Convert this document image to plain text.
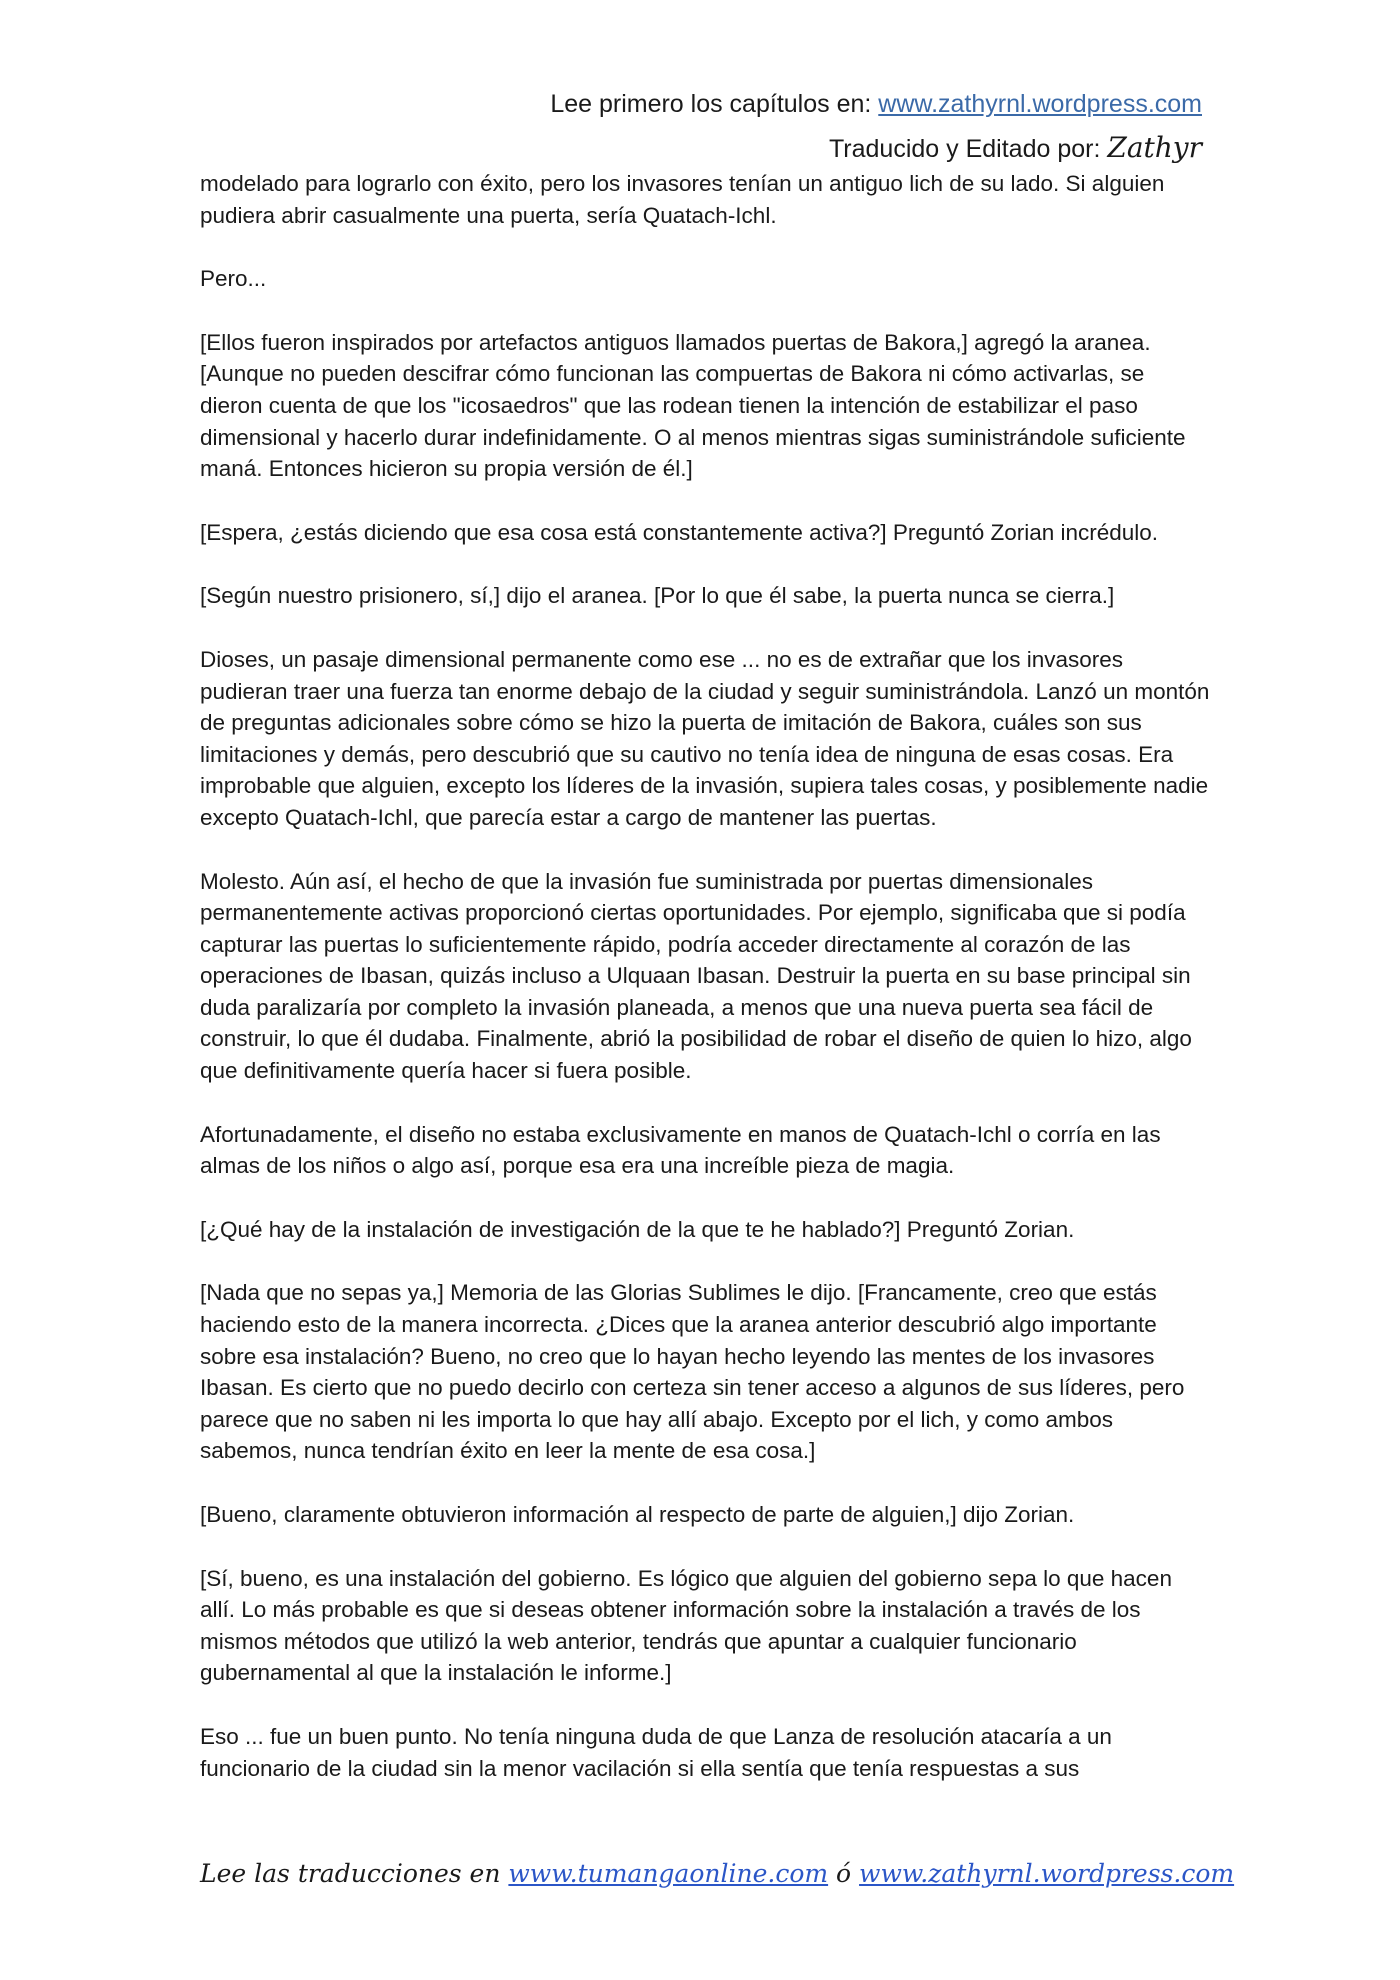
Lee primero los capítulos en: www.zathyrnl.wordpress.com
Traducido y Editado por: Zathyr

modelado para lograrlo con éxito, pero los invasores tenían un antiguo lich de su lado. Si alguien pudiera abrir casualmente una puerta, sería Quatach-Ichl.

Pero...

[Ellos fueron inspirados por artefactos antiguos llamados puertas de Bakora,] agregó la aranea. [Aunque no pueden descifrar cómo funcionan las compuertas de Bakora ni cómo activarlas, se dieron cuenta de que los "icosaedros" que las rodean tienen la intención de estabilizar el paso dimensional y hacerlo durar indefinidamente. O al menos mientras sigas suministrándole suficiente maná. Entonces hicieron su propia versión de él.]

[Espera, ¿estás diciendo que esa cosa está constantemente activa?] Preguntó Zorian incrédulo.

[Según nuestro prisionero, sí,] dijo el aranea. [Por lo que él sabe, la puerta nunca se cierra.]

Dioses, un pasaje dimensional permanente como ese ... no es de extrañar que los invasores pudieran traer una fuerza tan enorme debajo de la ciudad y seguir suministrándola. Lanzó un montón de preguntas adicionales sobre cómo se hizo la puerta de imitación de Bakora, cuáles son sus limitaciones y demás, pero descubrió que su cautivo no tenía idea de ninguna de esas cosas. Era improbable que alguien, excepto los líderes de la invasión, supiera tales cosas, y posiblemente nadie excepto Quatach-Ichl, que parecía estar a cargo de mantener las puertas.

Molesto. Aún así, el hecho de que la invasión fue suministrada por puertas dimensionales permanentemente activas proporcionó ciertas oportunidades. Por ejemplo, significaba que si podía capturar las puertas lo suficientemente rápido, podría acceder directamente al corazón de las operaciones de Ibasan, quizás incluso a Ulquaan Ibasan. Destruir la puerta en su base principal sin duda paralizaría por completo la invasión planeada, a menos que una nueva puerta sea fácil de construir, lo que él dudaba. Finalmente, abrió la posibilidad de robar el diseño de quien lo hizo, algo que definitivamente quería hacer si fuera posible.

Afortunadamente, el diseño no estaba exclusivamente en manos de Quatach-Ichl o corría en las almas de los niños o algo así, porque esa era una increíble pieza de magia.

[¿Qué hay de la instalación de investigación de la que te he hablado?] Preguntó Zorian.

[Nada que no sepas ya,] Memoria de las Glorias Sublimes le dijo. [Francamente, creo que estás haciendo esto de la manera incorrecta. ¿Dices que la aranea anterior descubrió algo importante sobre esa instalación? Bueno, no creo que lo hayan hecho leyendo las mentes de los invasores Ibasan. Es cierto que no puedo decirlo con certeza sin tener acceso a algunos de sus líderes, pero parece que no saben ni les importa lo que hay allí abajo. Excepto por el lich, y como ambos sabemos, nunca tendrían éxito en leer la mente de esa cosa.]

[Bueno, claramente obtuvieron información al respecto de parte de alguien,] dijo Zorian.

[Sí, bueno, es una instalación del gobierno. Es lógico que alguien del gobierno sepa lo que hacen allí. Lo más probable es que si deseas obtener información sobre la instalación a través de los mismos métodos que utilizó la web anterior, tendrás que apuntar a cualquier funcionario gubernamental al que la instalación le informe.]

Eso ... fue un buen punto. No tenía ninguna duda de que Lanza de resolución atacaría a un funcionario de la ciudad sin la menor vacilación si ella sentía que tenía respuestas a sus

Lee las traducciones en www.tumangaonline.com ó www.zathyrnl.wordpress.com
